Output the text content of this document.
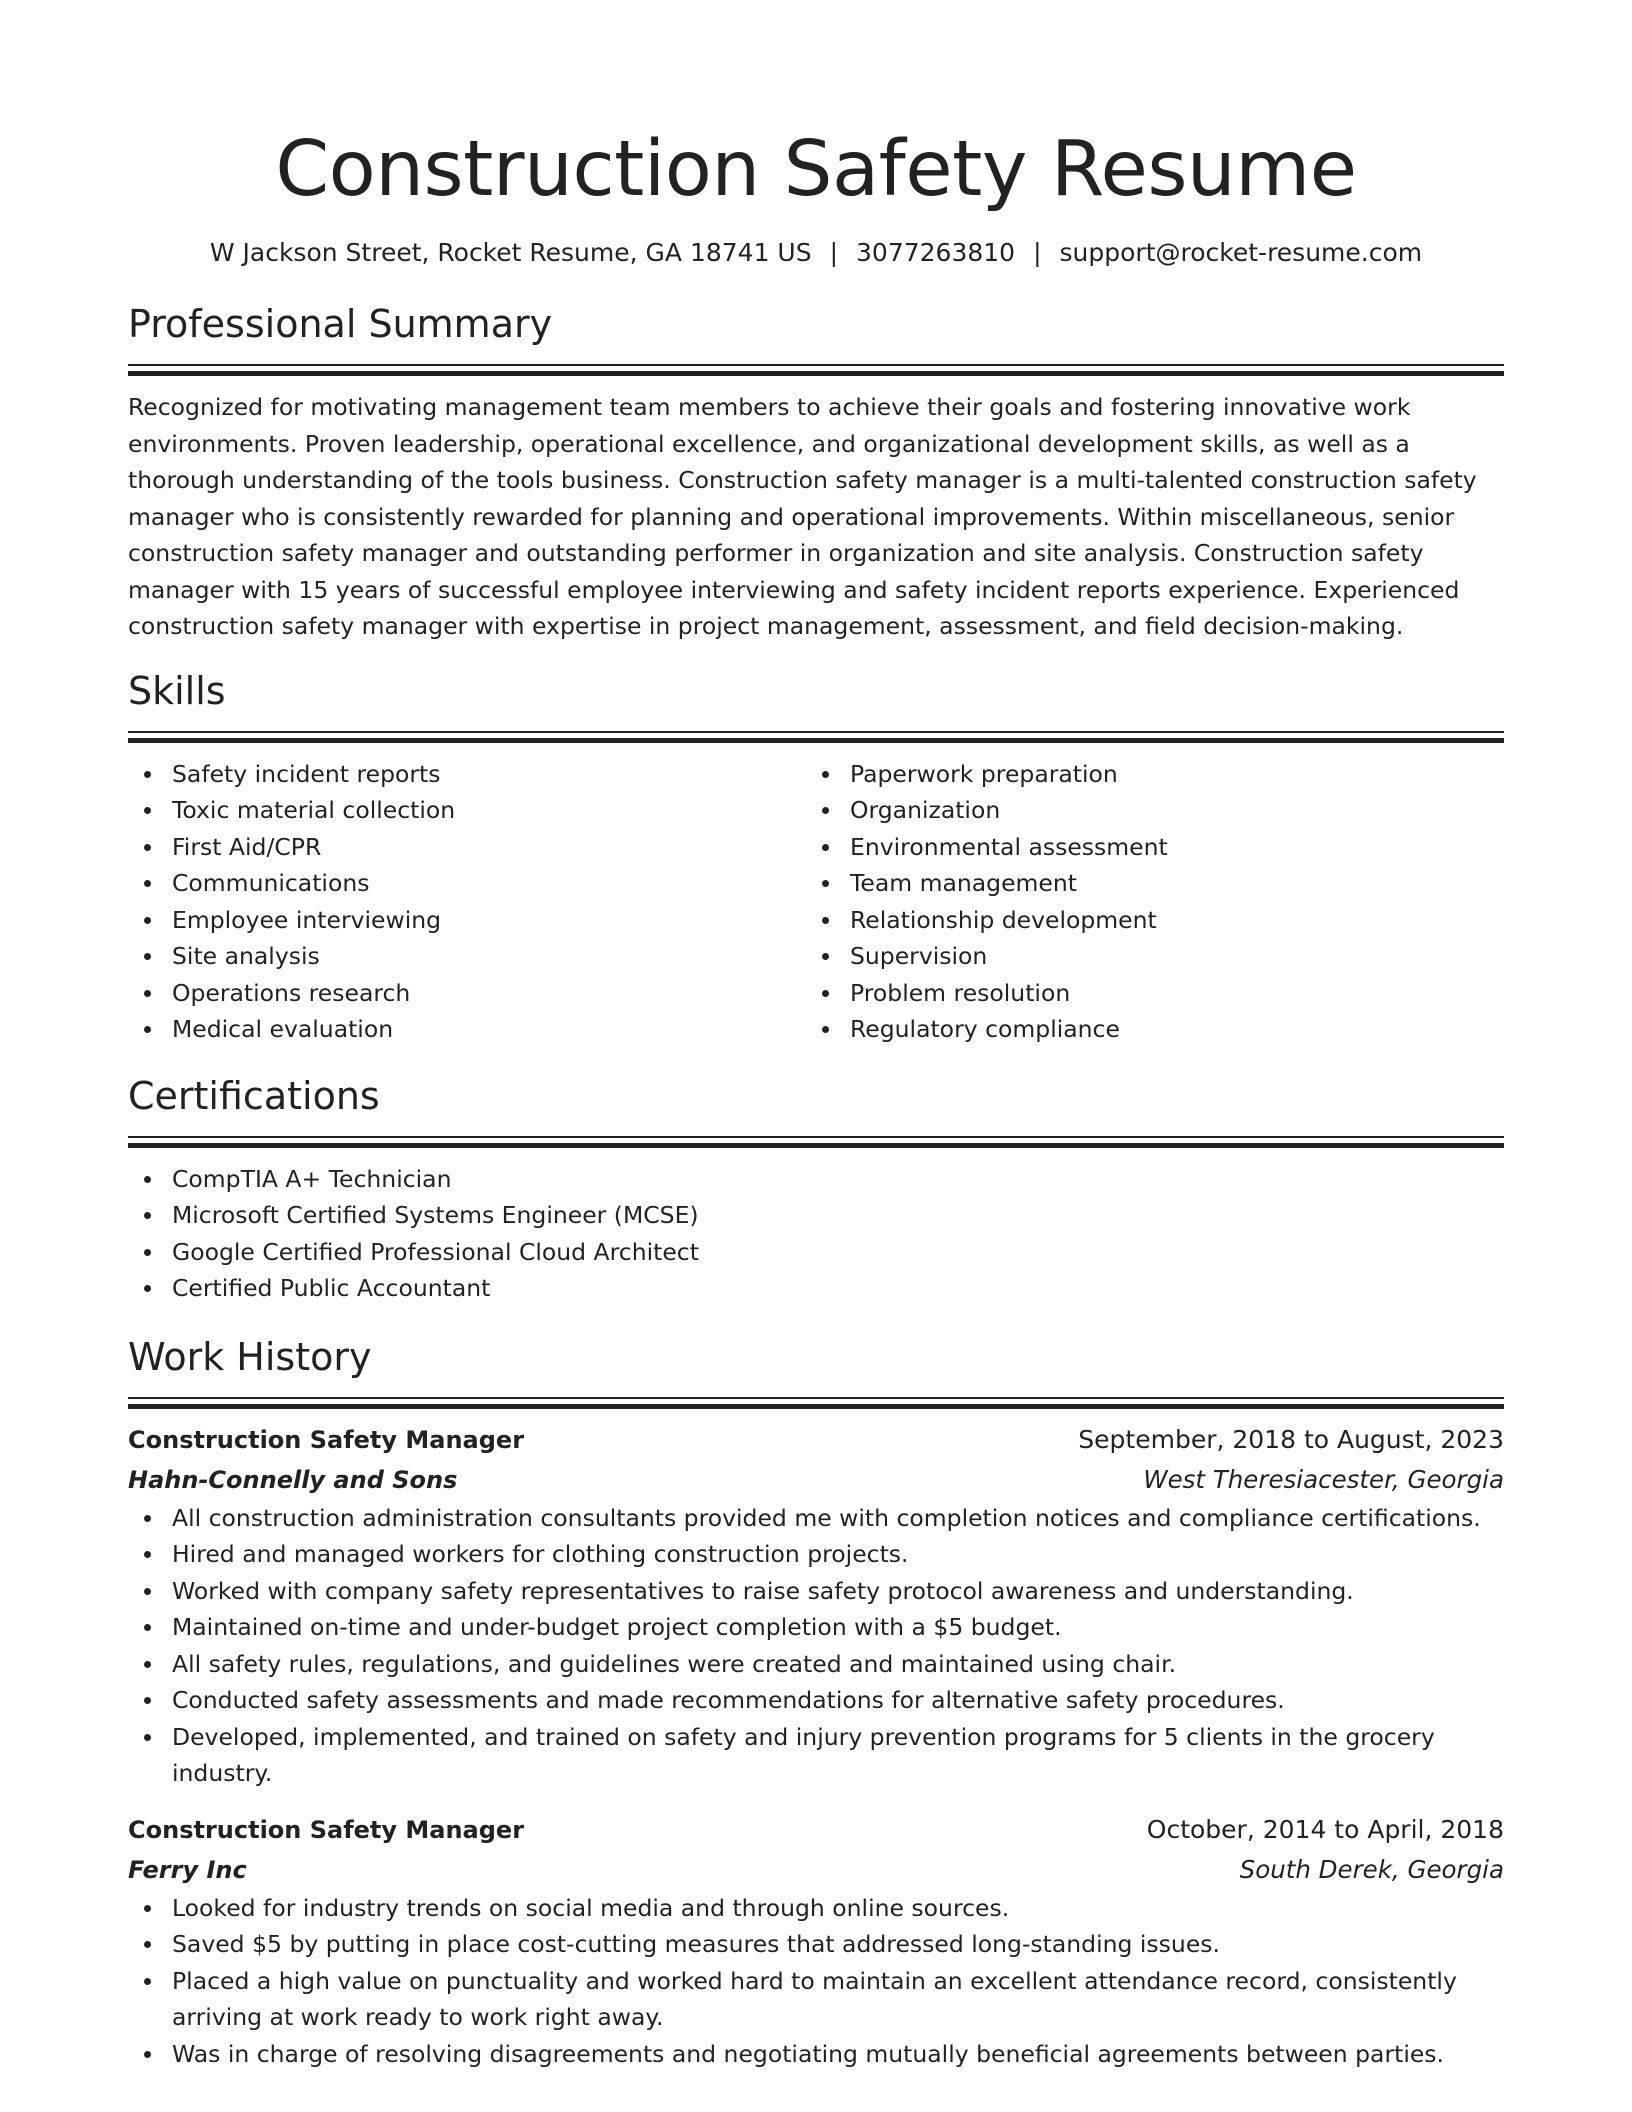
Construction Safety Resume
W Jackson Street, Rocket Resume, GA 18741 US | 3077263810 | support@rocket-resume.com
Professional Summary

Recognized for motivating management team members to achieve their goals and fostering innovative work environments. Proven leadership, operational excellence, and organizational development skills, as well as a thorough understanding of the tools business. Construction safety manager is a multi-talented construction safety manager who is consistently rewarded for planning and operational improvements. Within miscellaneous, senior construction safety manager and outstanding performer in organization and site analysis. Construction safety manager with 15 years of successful employee interviewing and safety incident reports experience. Experienced construction safety manager with expertise in project management, assessment, and field decision-making.

Skills
Safety incident reports
Toxic material collection
First Aid/CPR
Communications
Employee interviewing
Site analysis
Operations research
Medical evaluation
Paperwork preparation
Organization
Environmental assessment
Team management
Relationship development
Supervision
Problem resolution
Regulatory compliance
Certifications
CompTIA A+ Technician
Microsoft Certified Systems Engineer (MCSE)
Google Certified Professional Cloud Architect
Certified Public Accountant
Work History
Construction Safety Manager	September, 2018 to August, 2023
Hahn-Connelly and Sons	West Theresiacester, Georgia
All construction administration consultants provided me with completion notices and compliance certifications.
Hired and managed workers for clothing construction projects.
Worked with company safety representatives to raise safety protocol awareness and understanding.
Maintained on-time and under-budget project completion with a $5 budget.
All safety rules, regulations, and guidelines were created and maintained using chair.
Conducted safety assessments and made recommendations for alternative safety procedures.
Developed, implemented, and trained on safety and injury prevention programs for 5 clients in the grocery industry.
Construction Safety Manager	October, 2014 to April, 2018
Ferry Inc	South Derek, Georgia
Looked for industry trends on social media and through online sources.
Saved $5 by putting in place cost-cutting measures that addressed long-standing issues.
Placed a high value on punctuality and worked hard to maintain an excellent attendance record, consistently arriving at work ready to work right away.
Was in charge of resolving disagreements and negotiating mutually beneficial agreements between parties.
